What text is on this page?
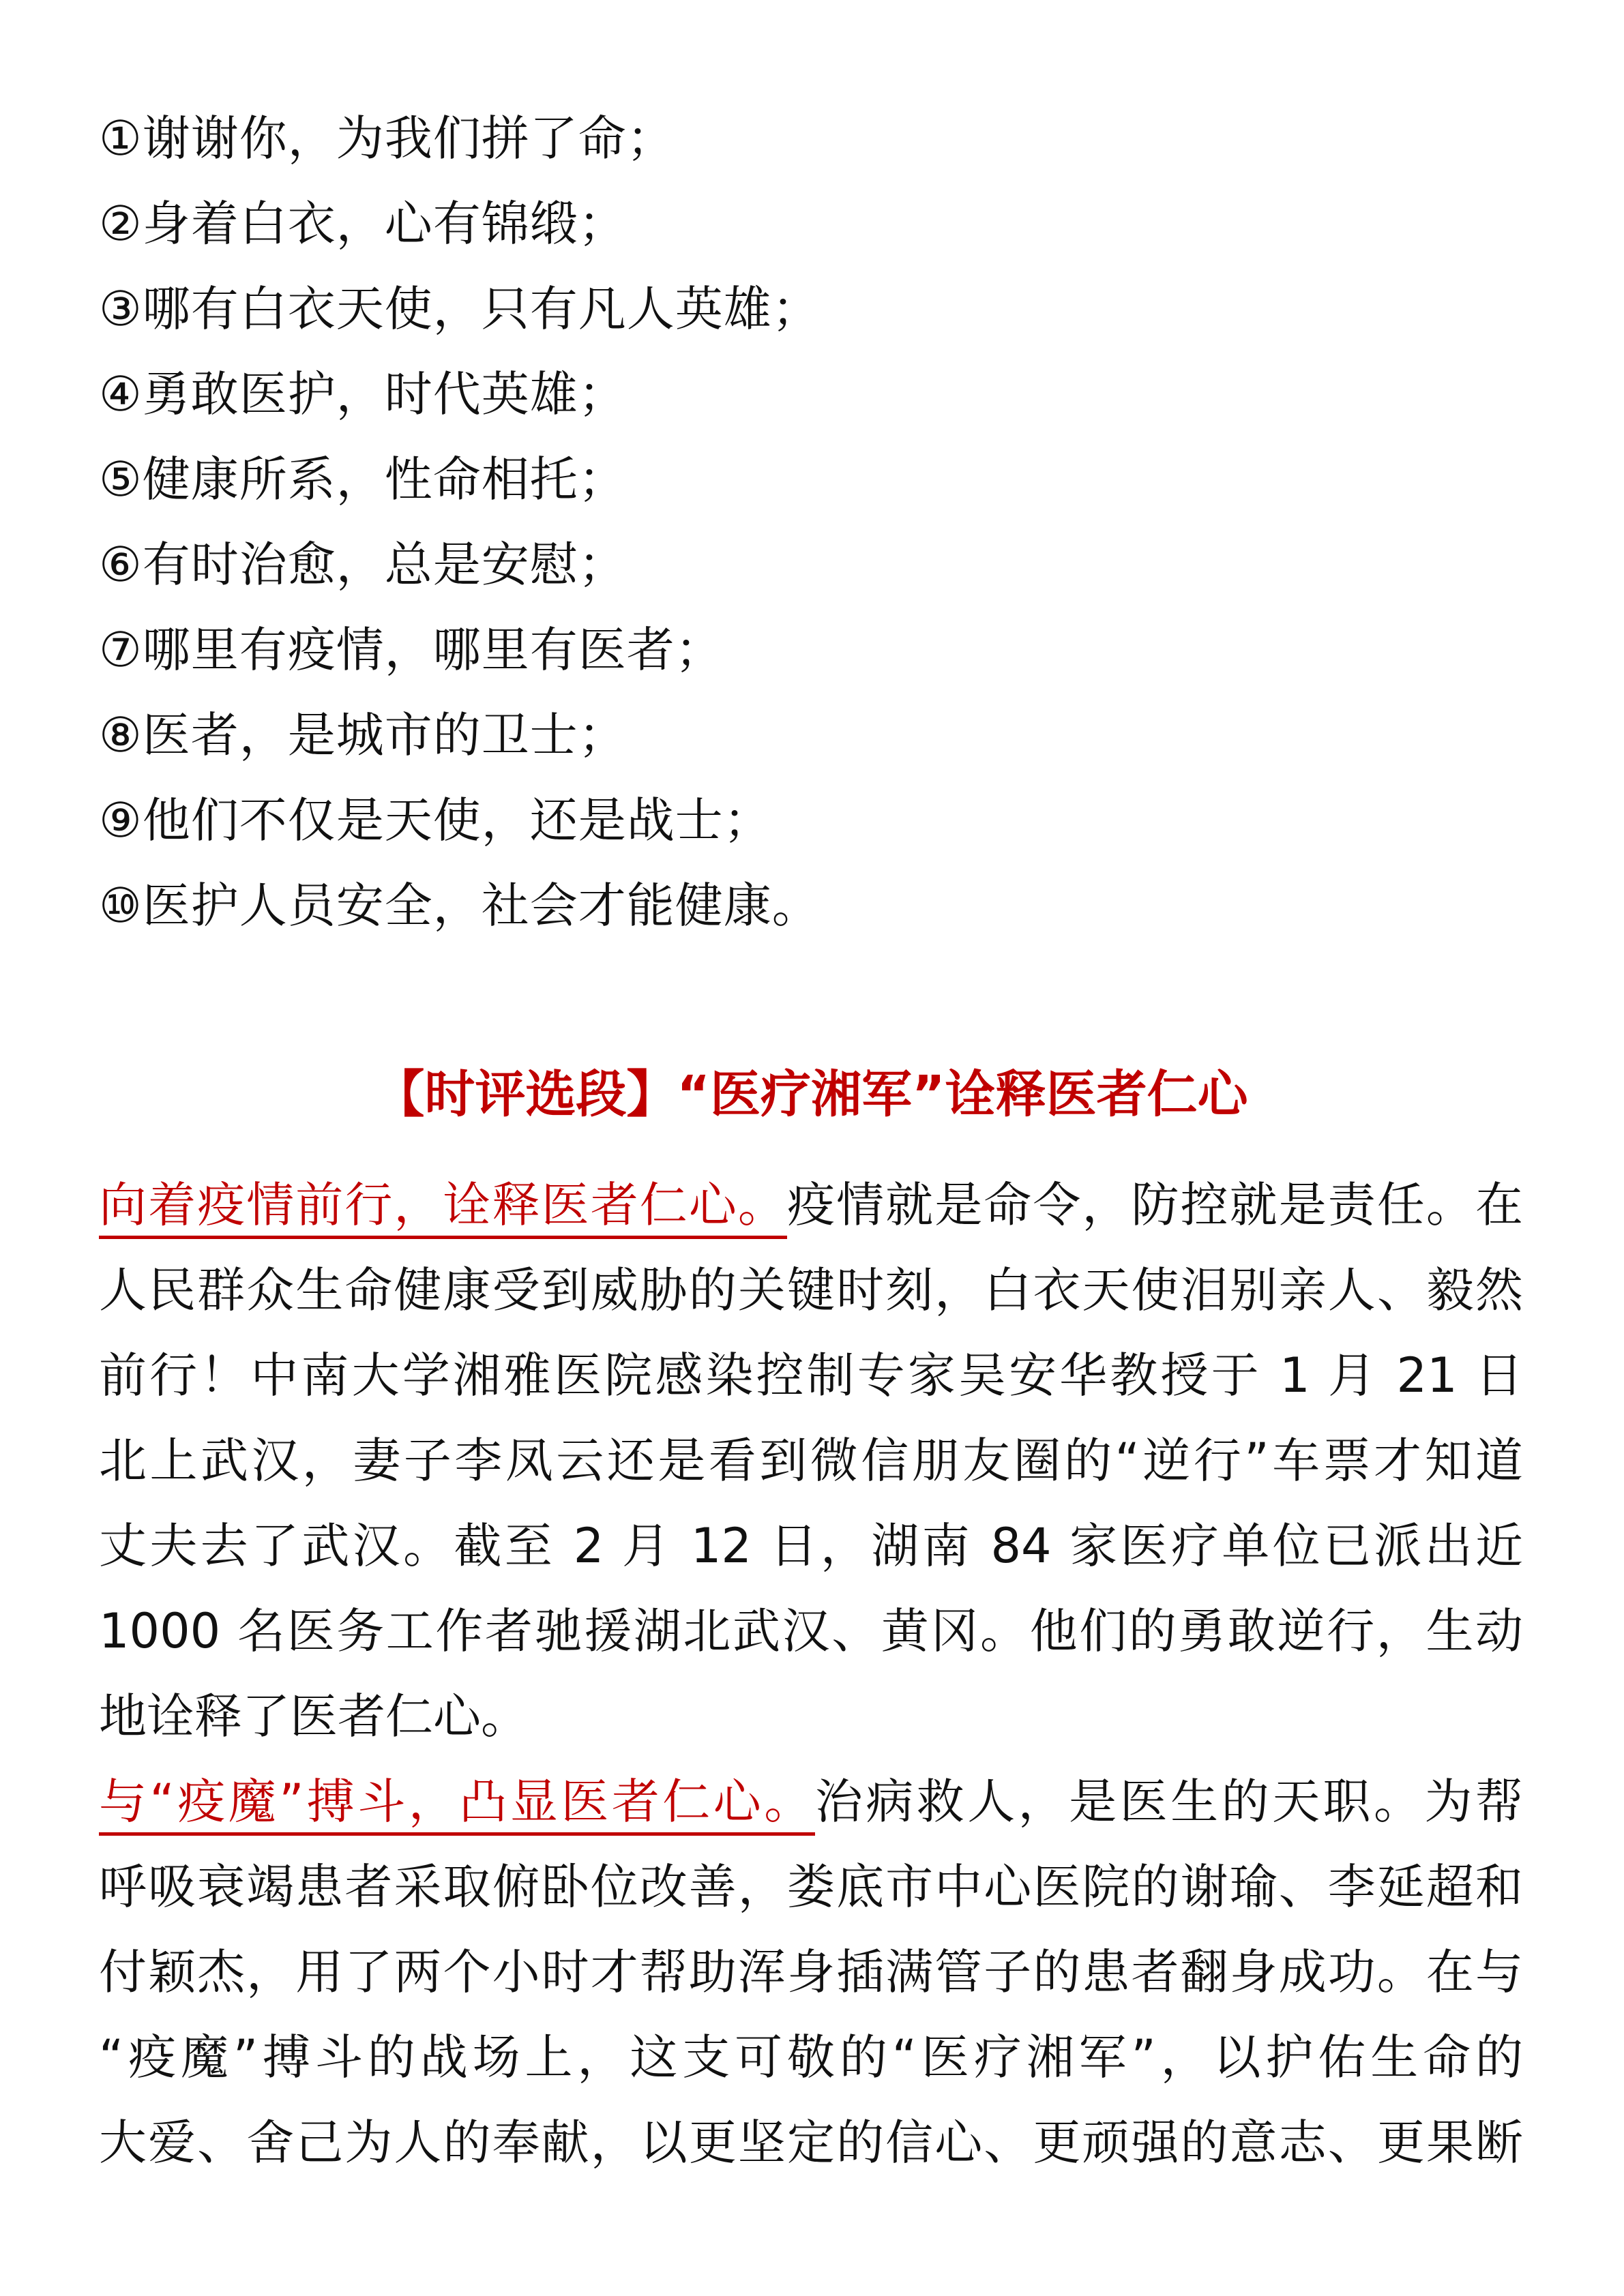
①谢谢你，为我们拼了命；
②身着白衣，心有锦缎；
③哪有白衣天使，只有凡人英雄；
④勇敢医护，时代英雄；
⑤健康所系，性命相托；
⑥有时治愈，总是安慰；
⑦哪里有疫情，哪里有医者；
⑧医者，是城市的卫士；
⑨他们不仅是天使，还是战士；
⑩医护人员安全，社会才能健康。
【时评选段】“医疗湘军”诠释医者仁心
向着疫情前行，诠释医者仁心。疫情就是命令，防控就是责任。在
人民群众生命健康受到威胁的关键时刻，白衣天使泪别亲人、毅然
前行！中南大学湘雅医院感染控制专家吴安华教授于 1 月 21 日
北上武汉，妻子李凤云还是看到微信朋友圈的“逆行”车票才知道
丈夫去了武汉。截至 2 月 12 日，湖南 84 家医疗单位已派出近
1000 名医务工作者驰援湖北武汉、黄冈。他们的勇敢逆行，生动
地诠释了医者仁心。
与“疫魔”搏斗，凸显医者仁心。治病救人，是医生的天职。为帮
呼吸衰竭患者采取俯卧位改善，娄底市中心医院的谢瑜、李延超和
付颖杰，用了两个小时才帮助浑身插满管子的患者翻身成功。在与
“疫魔”搏斗的战场上，这支可敬的“医疗湘军”，以护佑生命的
大爱、舍己为人的奉献，以更坚定的信心、更顽强的意志、更果断
